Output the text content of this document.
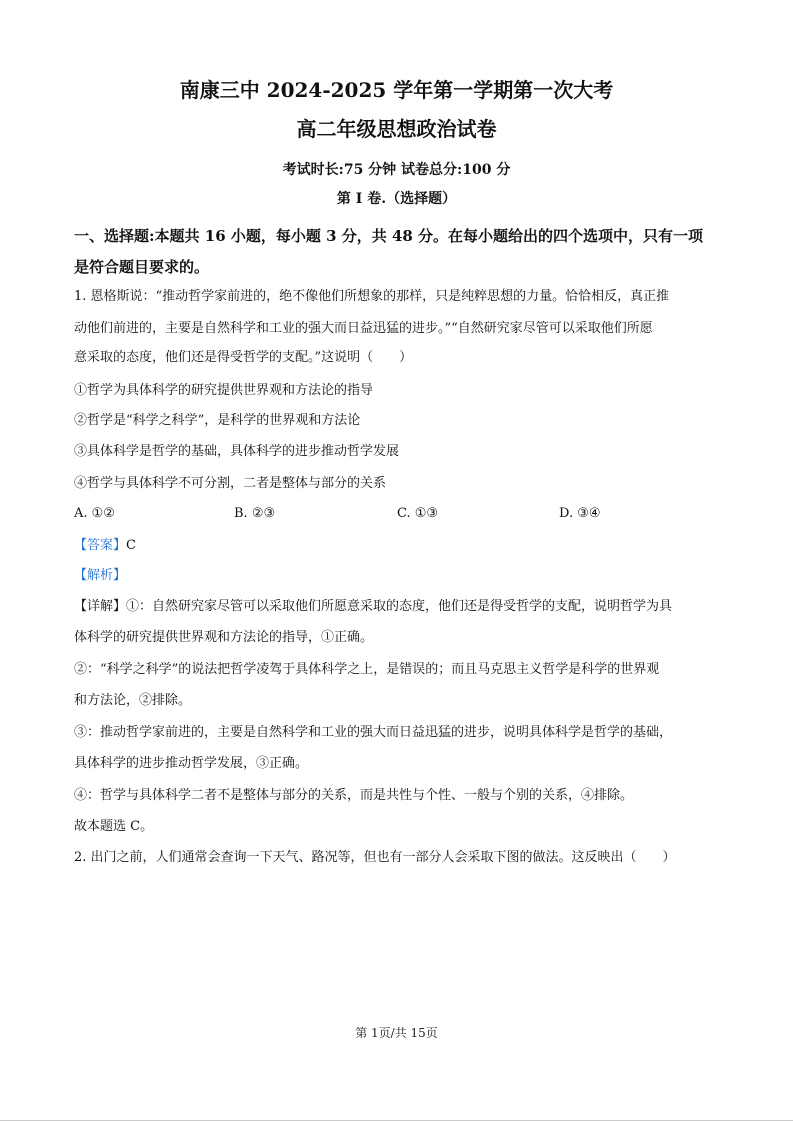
南康三中 2024-2025 学年第一学期第一次大考
高二年级思想政治试卷
考试时长:75 分钟 试卷总分:100 分
第 I 卷.（选择题）
一、选择题:本题共 16 小题，每小题 3 分，共 48 分。在每小题给出的四个选项中，只有一项
是符合题目要求的。
1. 恩格斯说：“推动哲学家前进的，绝不像他们所想象的那样，只是纯粹思想的力量。恰恰相反，真正推
动他们前进的，主要是自然科学和工业的强大而日益迅猛的进步。”“自然研究家尽管可以采取他们所愿
意采取的态度，他们还是得受哲学的支配。”这说明（　　）
①哲学为具体科学的研究提供世界观和方法论的指导
②哲学是“科学之科学”，是科学的世界观和方法论
③具体科学是哲学的基础，具体科学的进步推动哲学发展
④哲学与具体科学不可分割，二者是整体与部分的关系
A. ①②	B. ②③	C. ①③	D. ③④
【答案】C
【解析】
【详解】①：自然研究家尽管可以采取他们所愿意采取的态度，他们还是得受哲学的支配，说明哲学为具
体科学的研究提供世界观和方法论的指导，①正确。
②：“科学之科学”的说法把哲学凌驾于具体科学之上，是错误的；而且马克思主义哲学是科学的世界观
和方法论，②排除。
③：推动哲学家前进的，主要是自然科学和工业的强大而日益迅猛的进步，说明具体科学是哲学的基础，
具体科学的进步推动哲学发展，③正确。
④：哲学与具体科学二者不是整体与部分的关系，而是共性与个性、一般与个别的关系，④排除。
故本题选 C。
2. 出门之前，人们通常会查询一下天气、路况等，但也有一部分人会采取下图的做法。这反映出（　　）
第 1页/共 15页
